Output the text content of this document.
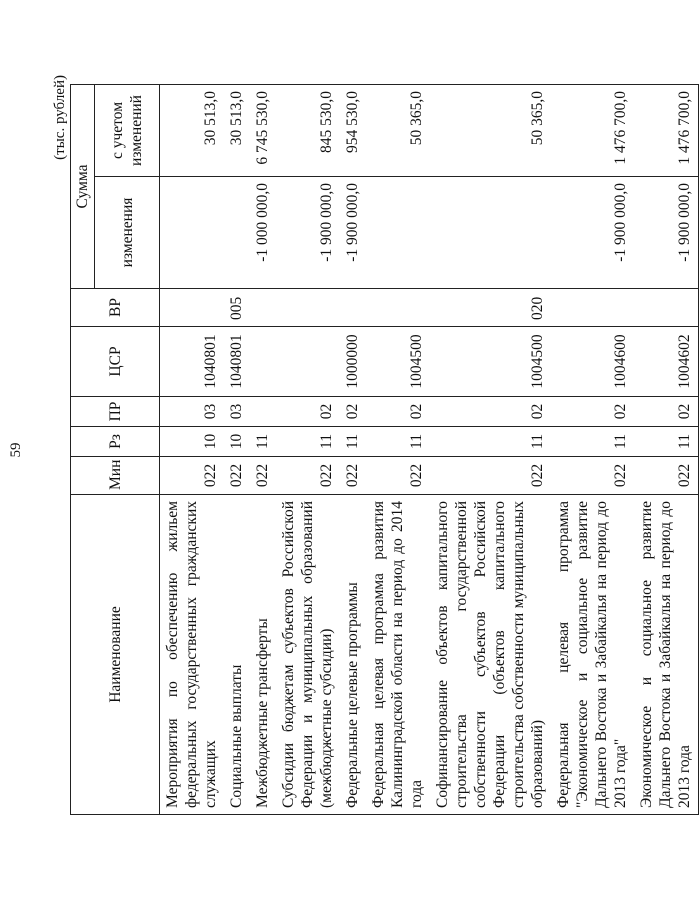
59
(тыс. рублей)
Наименование	Мин	Рз	ПР	ЦСР	ВР	Сумма	
						изменения	с учетом изменений
Мероприятия по обеспечению жильем федеральных государственных гражданских служащих	022	10	03	1040801			30 513,0
Социальные выплаты	022	10	03	1040801	005		30 513,0
Межбюджетные трансферты	022	11				-1 000 000,0	6 745 530,0
Субсидии бюджетам субъектов Российской Федерации и муниципальных образований (межбюджетные субсидии)	022	11	02			-1 900 000,0	845 530,0
Федеральные целевые программы	022	11	02	1000000		-1 900 000,0	954 530,0
Федеральная целевая программа развития Калининградской области на период до 2014 года	022	11	02	1004500			50 365,0
Софинансирование объектов капитального строительства государственной собственности субъектов Российской Федерации (объектов капитального строительства собственности муниципальных образований)	022	11	02	1004500	020		50 365,0
Федеральная целевая программа "Экономическое и социальное развитие Дальнего Востока и Забайкалья на период до 2013 года"	022	11	02	1004600		-1 900 000,0	1 476 700,0
Экономическое и социальное развитие Дальнего Востока и Забайкалья на период до 2013 года	022	11	02	1004602		-1 900 000,0	1 476 700,0
